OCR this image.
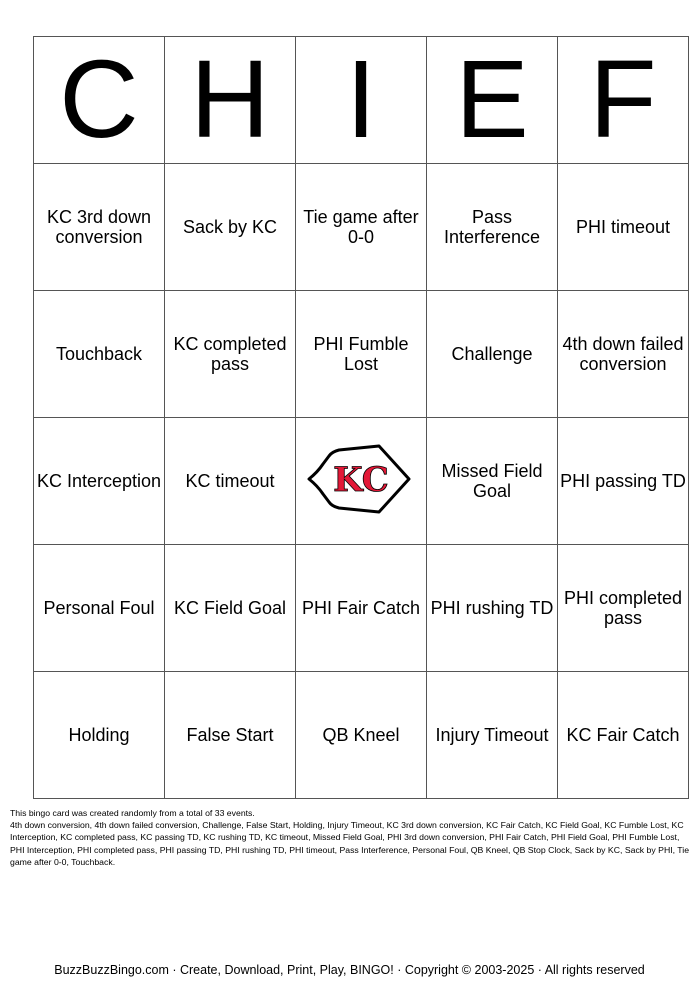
C	H	I	E	F
KC 3rd down conversion	Sack by KC	Tie game after 0-0	Pass Interference	PHI timeout
Touchback	KC completed pass	PHI Fumble Lost	Challenge	4th down failed conversion
KC Interception	KC timeout	KC	Missed Field Goal	PHI passing TD
Personal Foul	KC Field Goal	PHI Fair Catch	PHI rushing TD	PHI completed pass
Holding	False Start	QB Kneel	Injury Timeout	KC Fair Catch

This bingo card was created randomly from a total of 33 events.

4th down conversion, 4th down failed conversion, Challenge, False Start, Holding, Injury Timeout, KC 3rd down conversion, KC Fair Catch, KC Field Goal, KC Fumble Lost, KC Interception, KC completed pass, KC passing TD, KC rushing TD, KC timeout, Missed Field Goal, PHI 3rd down conversion, PHI Fair Catch, PHI Field Goal, PHI Fumble Lost, PHI Interception, PHI completed pass, PHI passing TD, PHI rushing TD, PHI timeout, Pass Interference, Personal Foul, QB Kneel, QB Stop Clock, Sack by KC, Sack by PHI, Tie game after 0-0, Touchback.

BuzzBuzzBingo.com · Create, Download, Print, Play, BINGO! · Copyright © 2003-2025 · All rights reserved
